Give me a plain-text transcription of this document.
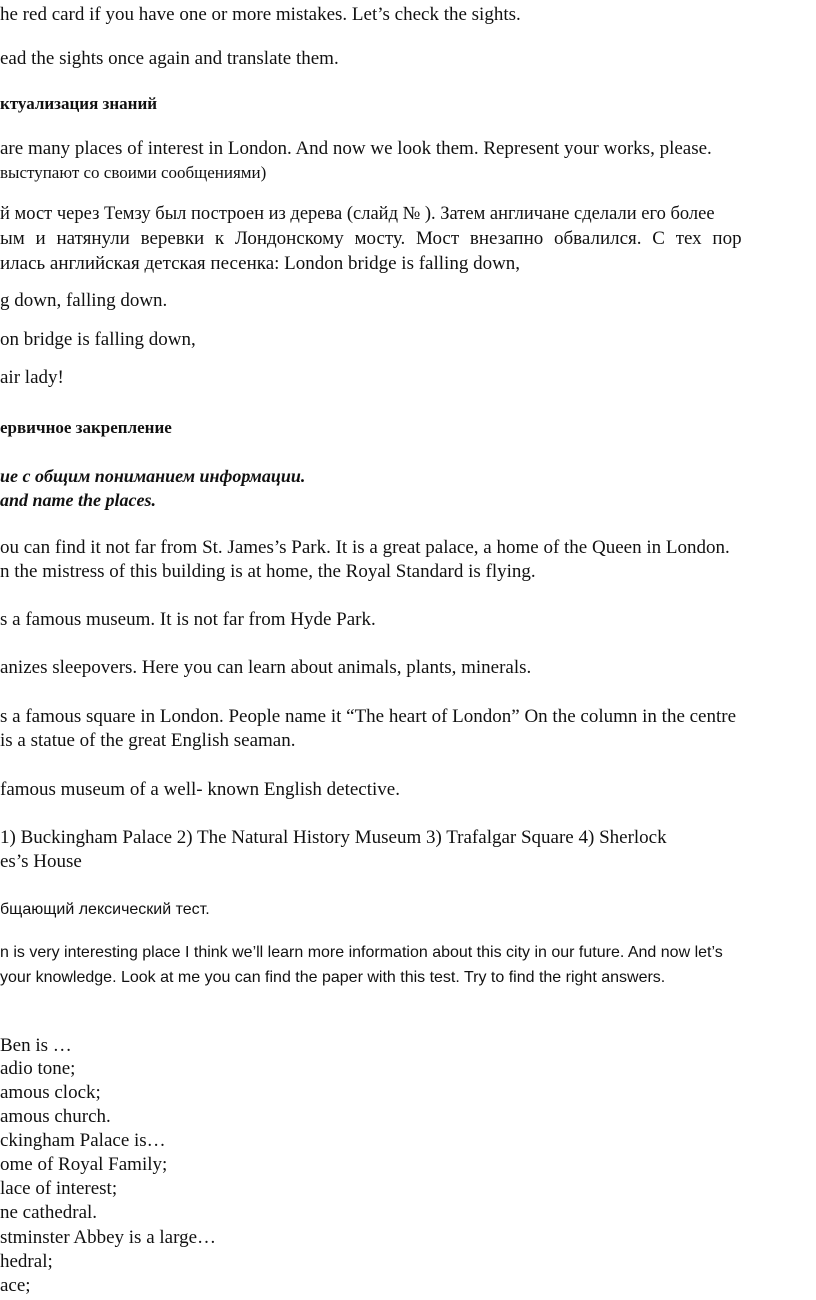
he red card if you have one or more mistakes. Let’s check the sights.
ead the sights once again and translate them.
ктуализация знаний
are many places of interest in London. And now we look them. Represent your works, please.
выступают со своими сообщениями)
й мост через Темзу был построен из дерева (слайд № ). Затем англичане сделали его более
ым и натянули веревки к Лондонскому мосту. Мост внезапно обвалился. С тех пор
илась английская детская песенка: London bridge is falling down,
g down, falling down.
on bridge is falling down,
air lady!
ервичное закрепление
ие с общим пониманием информации.
and name the places.
ou can find it not far from St. James’s Park. It is a great palace, a home of the Queen in London.
n the mistress of this building is at home, the Royal Standard is flying.
s a famous museum. It is not far from Hyde Park.
anizes sleepovers. Here you can learn about animals, plants, minerals.
s a famous square in London. People name it “The heart of London” On the column in the centre
is a statue of the great English seaman.
famous museum of a well- known English detective.
1) Buckingham Palace 2) The Natural History Museum 3) Trafalgar Square 4) Sherlock
es’s House
бщающий лексический тест.
n is very interesting place I think we’ll learn more information about this city in our future. And now let’s
your knowledge. Look at me you can find the paper with this test. Try to find the right answers.
Ben is …
adio tone;
amous clock;
amous church.
ckingham Palace is…
ome of Royal Family;
lace of interest;
ne cathedral.
stminster Abbey is a large…
hedral;
ace;
